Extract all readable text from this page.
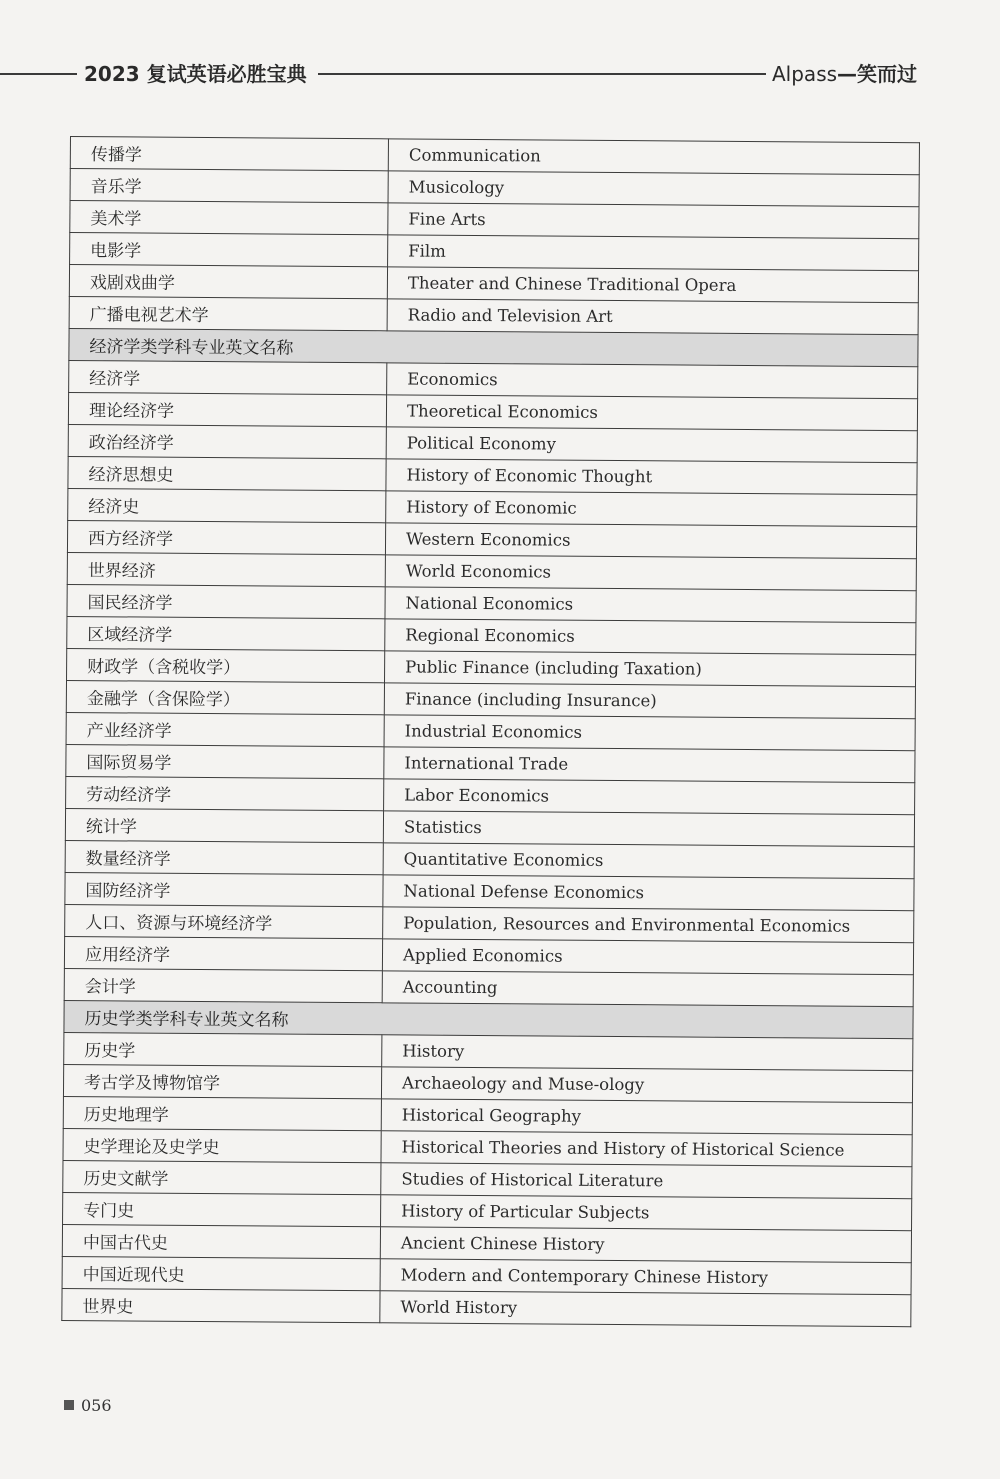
2023 复试英语必胜宝典	Alpass—笑而过
传播学	Communication
音乐学	Musicology
美术学	Fine Arts
电影学	Film
戏剧戏曲学	Theater and Chinese Traditional Opera
广播电视艺术学	Radio and Television Art
经济学类学科专业英文名称	
经济学	Economics
理论经济学	Theoretical Economics
政治经济学	Political Economy
经济思想史	History of Economic Thought
经济史	History of Economic
西方经济学	Western Economics
世界经济	World Economics
国民经济学	National Economics
区域经济学	Regional Economics
财政学（含税收学）	Public Finance (including Taxation)
金融学（含保险学）	Finance (including Insurance)
产业经济学	Industrial Economics
国际贸易学	International Trade
劳动经济学	Labor Economics
统计学	Statistics
数量经济学	Quantitative Economics
国防经济学	National Defense Economics
人口、资源与环境经济学	Population, Resources and Environmental Economics
应用经济学	Applied Economics
会计学	Accounting
历史学类学科专业英文名称	
历史学	History
考古学及博物馆学	Archaeology and Muse-ology
历史地理学	Historical Geography
史学理论及史学史	Historical Theories and History of Historical Science
历史文献学	Studies of Historical Literature
专门史	History of Particular Subjects
中国古代史	Ancient Chinese History
中国近现代史	Modern and Contemporary Chinese History
世界史	World History
056
